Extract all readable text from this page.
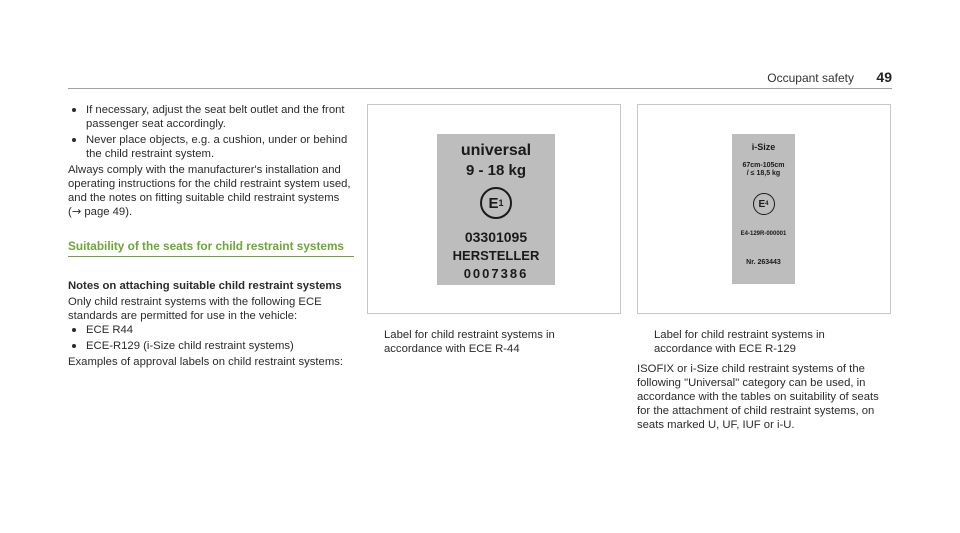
Occupant safety 49
If necessary, adjust the seat belt outlet and the front passenger seat accordingly.
Never place objects, e.g. a cushion, under or behind the child restraint system.

Always comply with the manufacturer's installation and operating instructions for the child restraint system used, and the notes on fitting suitable child restraint systems (→ page 49).

Suitability of the seats for child restraint systems
Notes on attaching suitable child restraint systems

Only child restraint systems with the following ECE standards are permitted for use in the vehicle:

ECE R44
ECE-R129 (i-Size child restraint systems)

Examples of approval labels on child restraint systems:

universal
9 - 18 kg
E 1
03301095
HERSTELLER
0007386
i-Size
67cm-105cm
/ ≤ 18,5 kg
E 4
E4-129R-000001
Nr. 263443
Label for child restraint systems in accordance with ECE R-44
Label for child restraint systems in accordance with ECE R-129

ISOFIX or i-Size child restraint systems of the following "Universal" category can be used, in accordance with the tables on suitability of seats for the attachment of child restraint systems, on seats marked U, UF, IUF or i-U.
